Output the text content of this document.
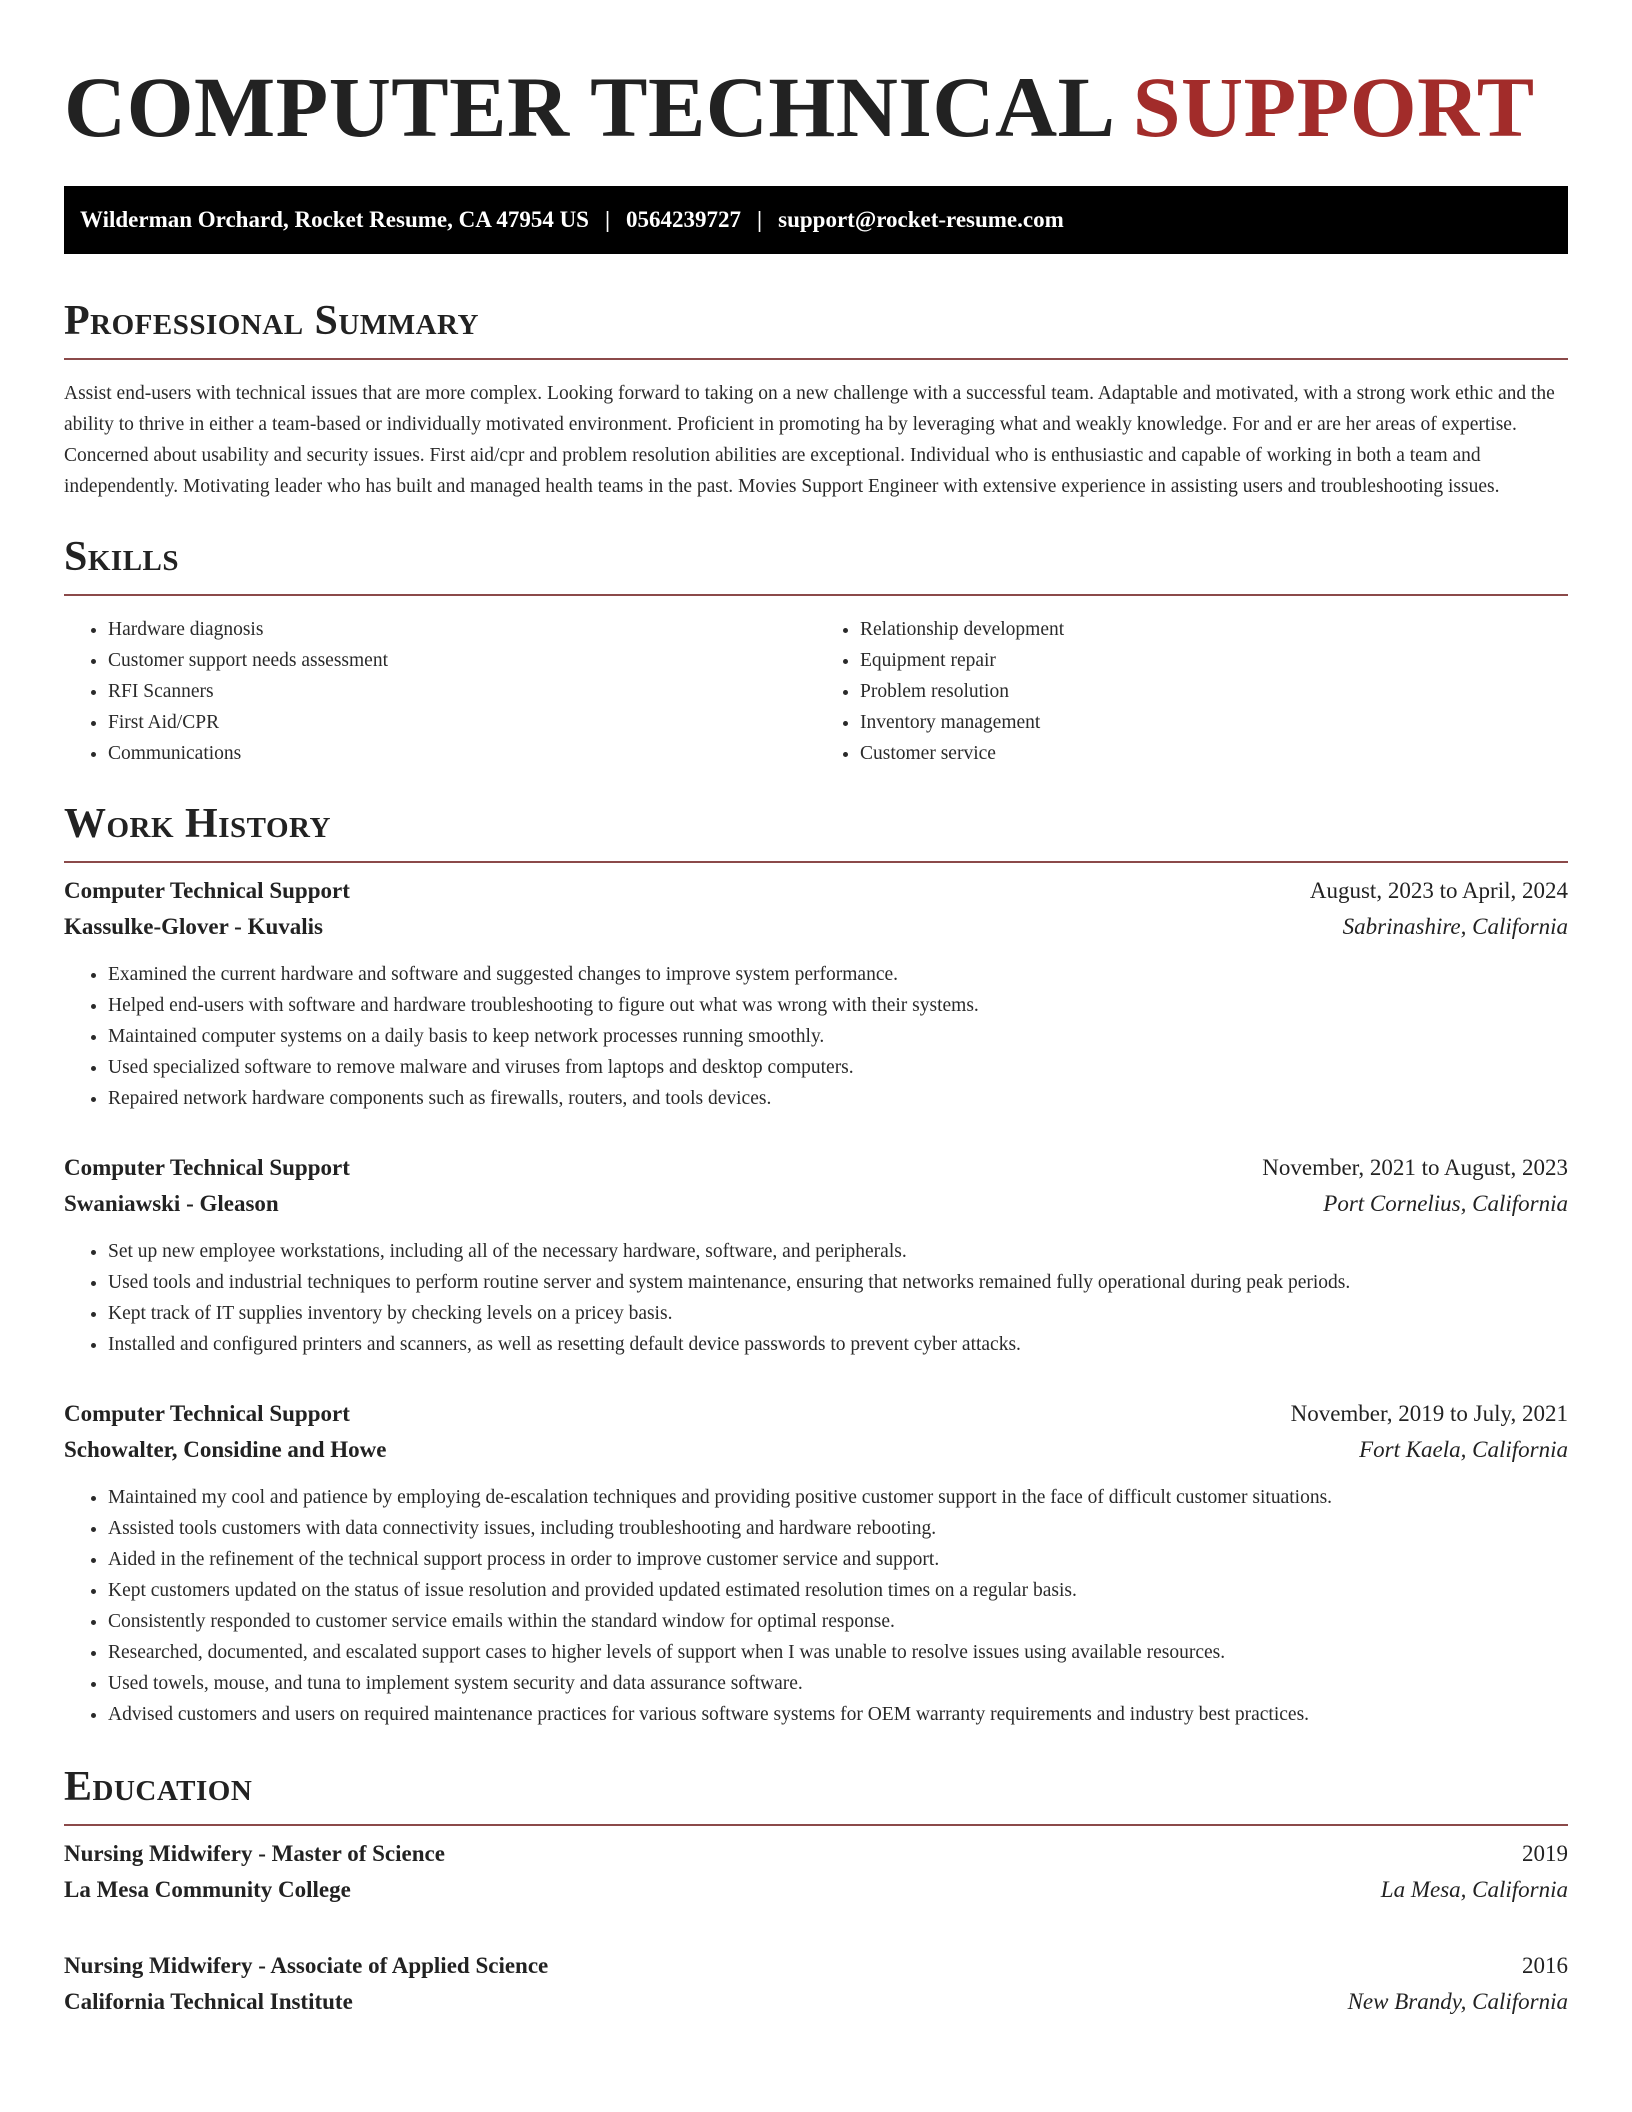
COMPUTER TECHNICAL SUPPORT
Wilderman Orchard, Rocket Resume, CA 47954 US | 0564239727 | support@rocket-resume.com
Professional Summary

Assist end-users with technical issues that are more complex. Looking forward to taking on a new challenge with a successful team. Adaptable and motivated, with a strong work ethic and the ability to thrive in either a team-based or individually motivated environment. Proficient in promoting ha by leveraging what and weakly knowledge. For and er are her areas of expertise. Concerned about usability and security issues. First aid/cpr and problem resolution abilities are exceptional. Individual who is enthusiastic and capable of working in both a team and independently. Motivating leader who has built and managed health teams in the past. Movies Support Engineer with extensive experience in assisting users and troubleshooting issues.

Skills
• Hardware diagnosis
• Customer support needs assessment
• RFI Scanners
• First Aid/CPR
• Communications
• Relationship development
• Equipment repair
• Problem resolution
• Inventory management
• Customer service
Work History
Computer Technical Support	August, 2023 to April, 2024
Kassulke-Glover - Kuvalis	Sabrinashire, California
• Examined the current hardware and software and suggested changes to improve system performance.
• Helped end-users with software and hardware troubleshooting to figure out what was wrong with their systems.
• Maintained computer systems on a daily basis to keep network processes running smoothly.
• Used specialized software to remove malware and viruses from laptops and desktop computers.
• Repaired network hardware components such as firewalls, routers, and tools devices.
Computer Technical Support	November, 2021 to August, 2023
Swaniawski - Gleason	Port Cornelius, California
• Set up new employee workstations, including all of the necessary hardware, software, and peripherals.
• Used tools and industrial techniques to perform routine server and system maintenance, ensuring that networks remained fully operational during peak periods.
• Kept track of IT supplies inventory by checking levels on a pricey basis.
• Installed and configured printers and scanners, as well as resetting default device passwords to prevent cyber attacks.
Computer Technical Support	November, 2019 to July, 2021
Schowalter, Considine and Howe	Fort Kaela, California
• Maintained my cool and patience by employing de-escalation techniques and providing positive customer support in the face of difficult customer situations.
• Assisted tools customers with data connectivity issues, including troubleshooting and hardware rebooting.
• Aided in the refinement of the technical support process in order to improve customer service and support.
• Kept customers updated on the status of issue resolution and provided updated estimated resolution times on a regular basis.
• Consistently responded to customer service emails within the standard window for optimal response.
• Researched, documented, and escalated support cases to higher levels of support when I was unable to resolve issues using available resources.
• Used towels, mouse, and tuna to implement system security and data assurance software.
• Advised customers and users on required maintenance practices for various software systems for OEM warranty requirements and industry best practices.
Education
Nursing Midwifery - Master of Science	2019
La Mesa Community College	La Mesa, California
Nursing Midwifery - Associate of Applied Science	2016
California Technical Institute	New Brandy, California
